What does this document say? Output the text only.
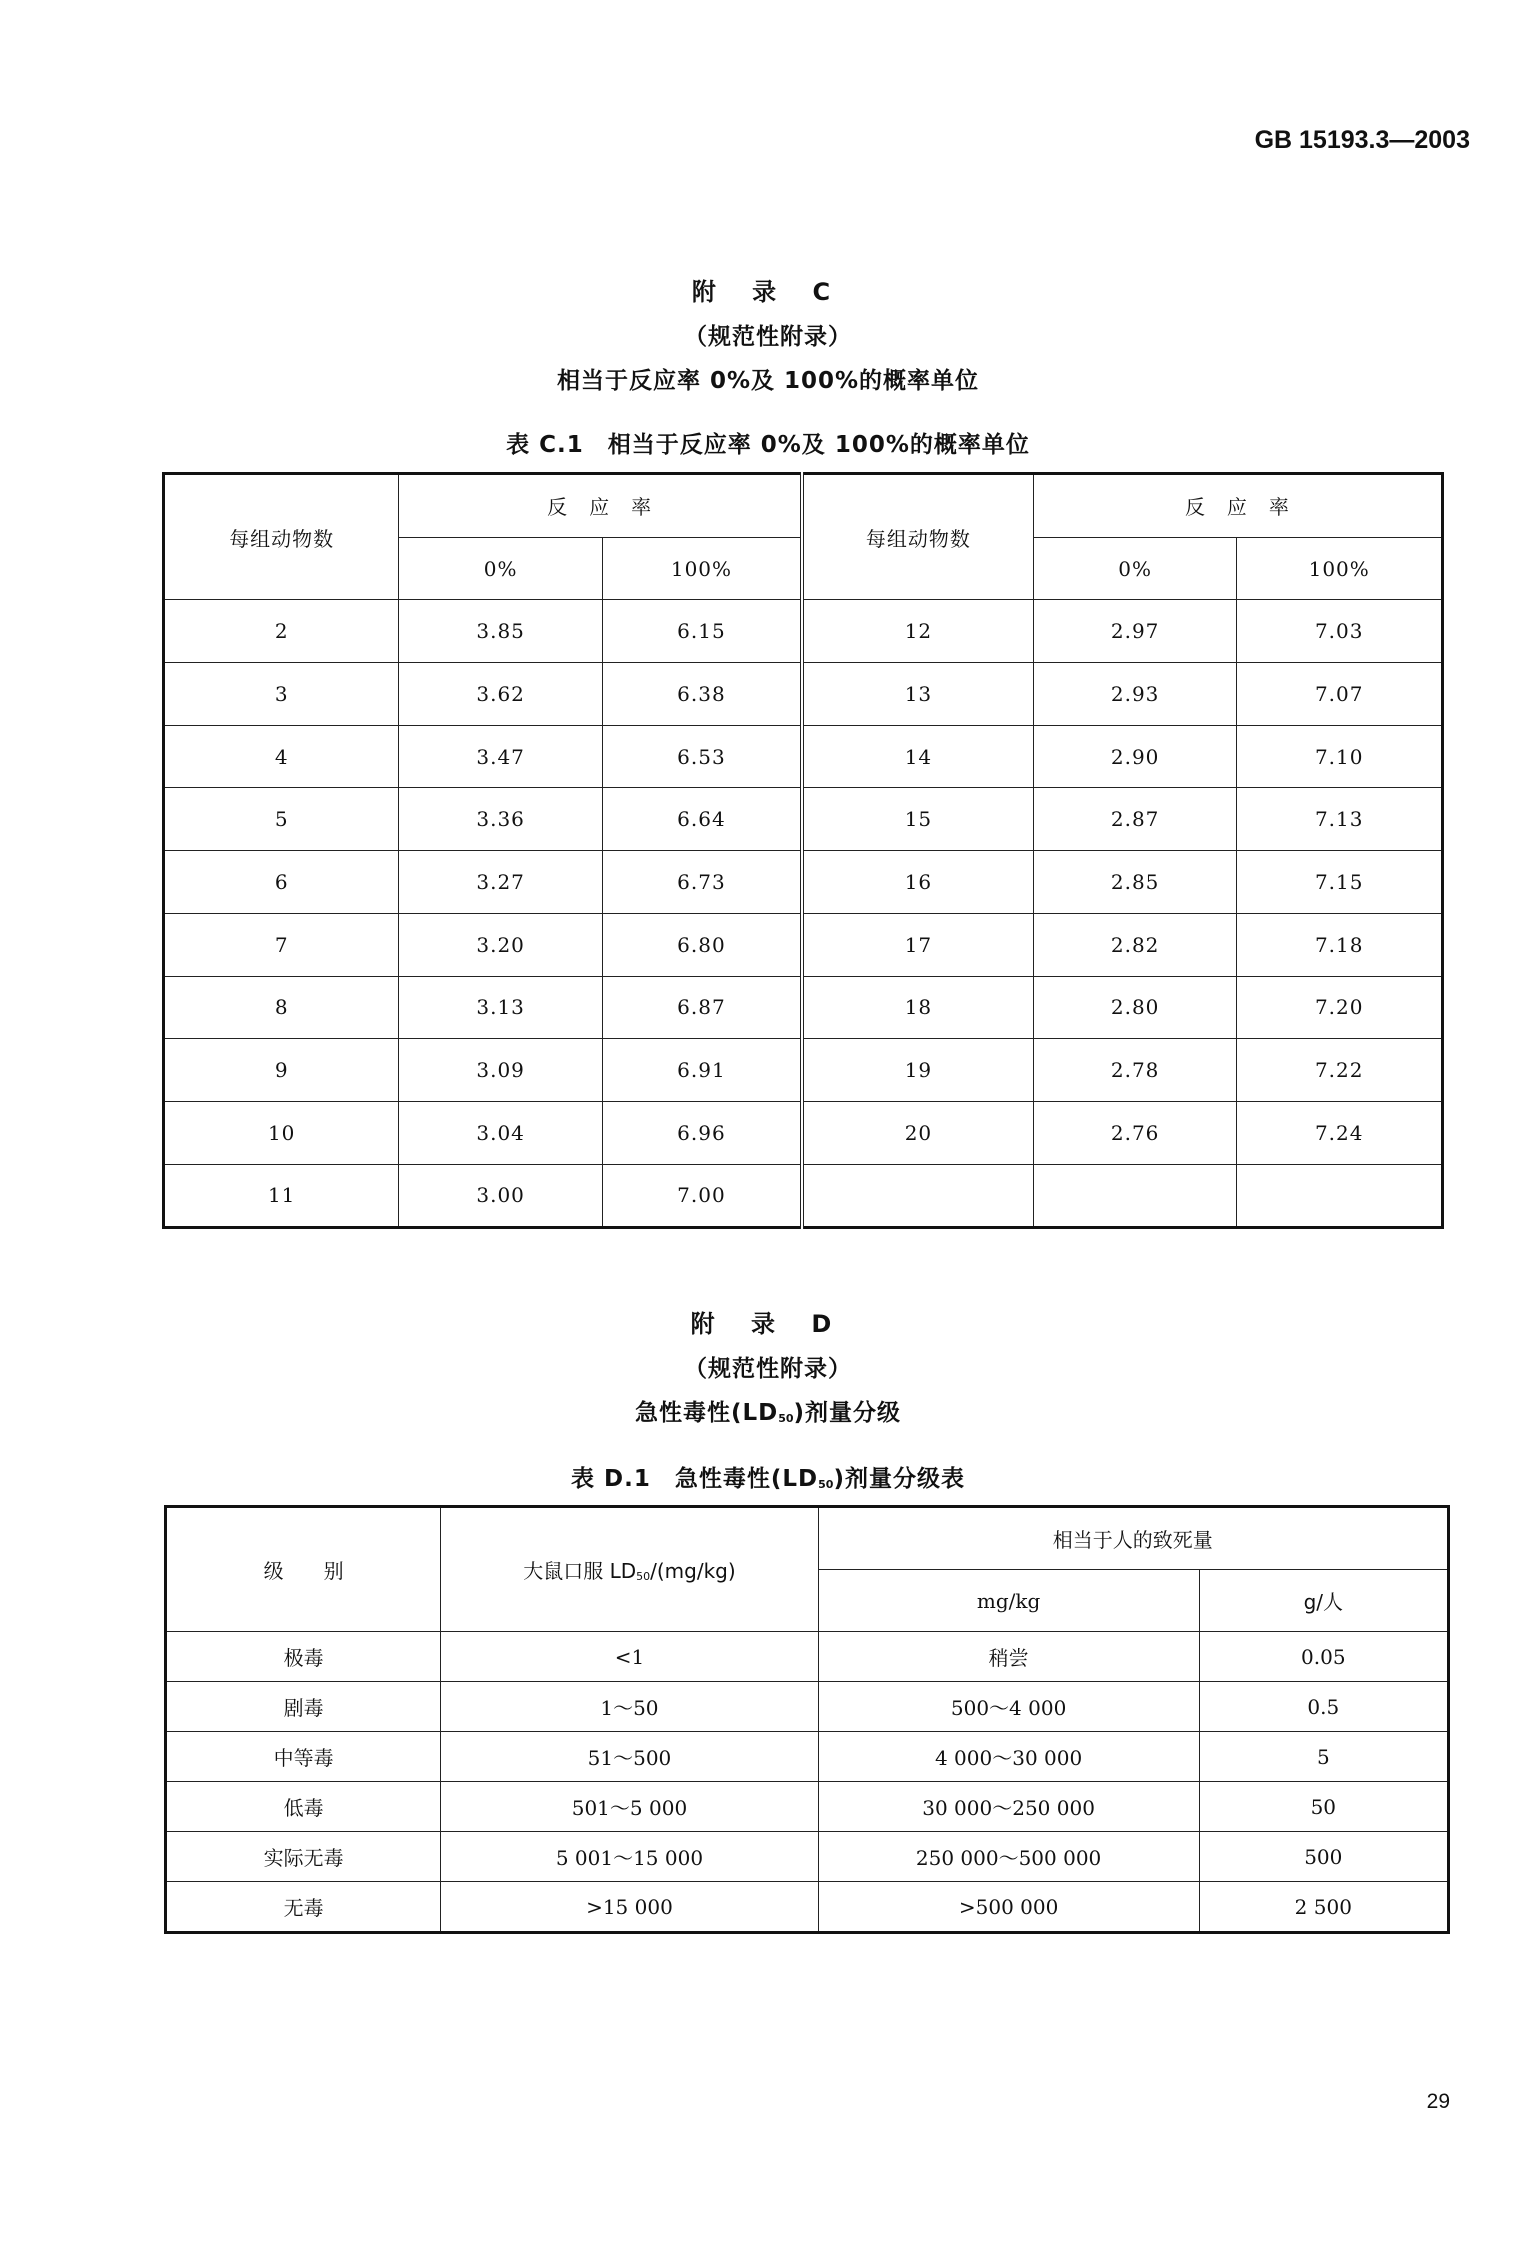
GB 15193.3—2003
附 录 C
（规范性附录）
相当于反应率 0%及 100%的概率单位
表 C.1　相当于反应率 0%及 100%的概率单位
每组动物数	反　应　率		每组动物数	反　应　率	
	0%	100%		0%	100%
2	3.85	6.15	12	2.97	7.03
3	3.62	6.38	13	2.93	7.07
4	3.47	6.53	14	2.90	7.10
5	3.36	6.64	15	2.87	7.13
6	3.27	6.73	16	2.85	7.15
7	3.20	6.80	17	2.82	7.18
8	3.13	6.87	18	2.80	7.20
9	3.09	6.91	19	2.78	7.22
10	3.04	6.96	20	2.76	7.24
11	3.00	7.00			
附 录 D
（规范性附录）
急性毒性$(LD_{50})$剂量分级
表 D.1　急性毒性$(LD_{50})$剂量分级表
级　　别	大鼠口服 $LD_{50}/(mg/kg)$	相当于人的致死量	
		mg/kg	g/人
极毒	<1	稍尝	0.05
剧毒	1～50	500～4 000	0.5
中等毒	51～500	4 000～30 000	5
低毒	501～5 000	30 000～250 000	50
实际无毒	5 001～15 000	250 000～500 000	500
无毒	>15 000	>500 000	2 500
29
